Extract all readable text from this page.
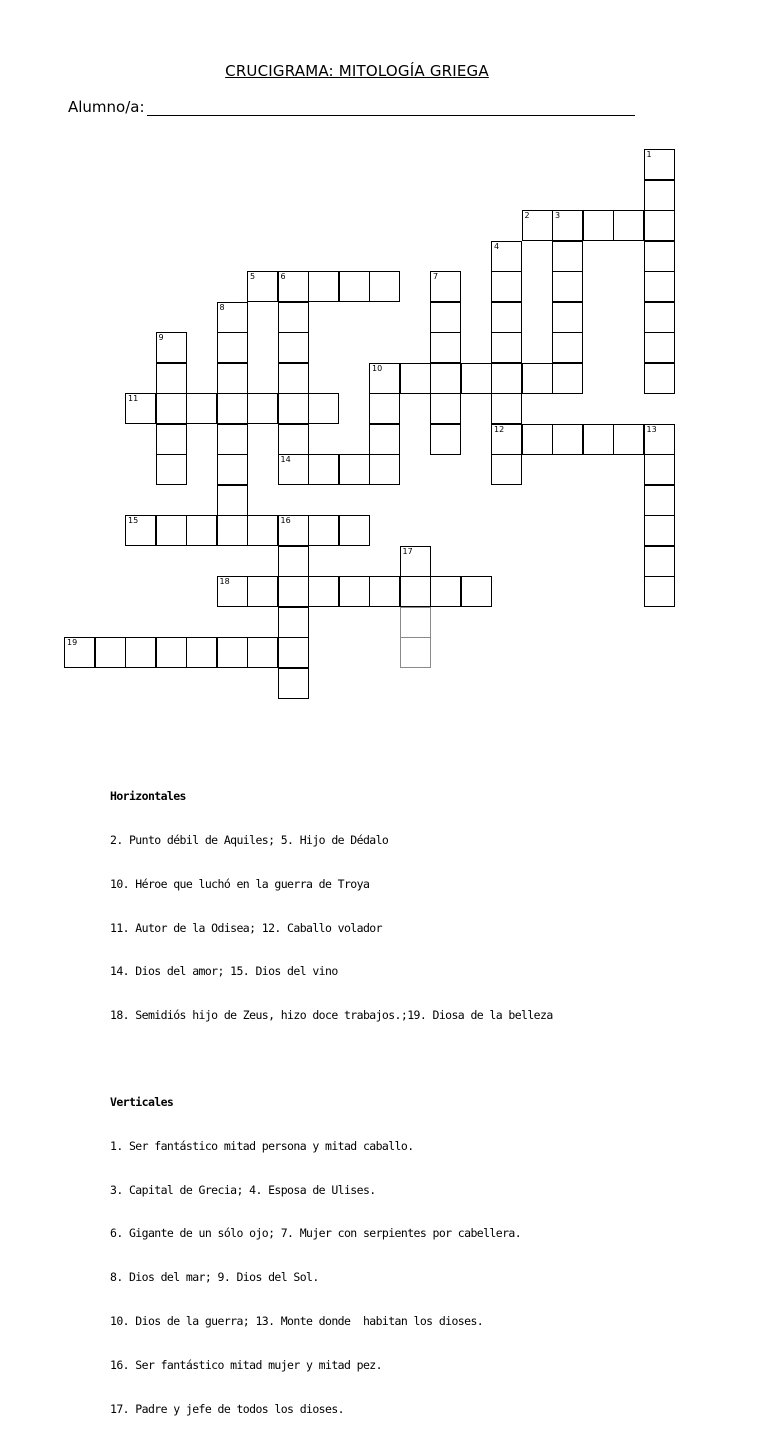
CRUCIGRAMA: MITOLOGÍA GRIEGA
Alumno/a:
1
2	3
4
12
5	6
14
7
8
9
10
11
13
15	16
17
18
19

Horizontales

2. Punto débil de Aquiles; 5. Hijo de Dédalo

10. Héroe que luchó en la guerra de Troya

11. Autor de la Odisea; 12. Caballo volador

14. Dios del amor; 15. Dios del vino

18. Semidiós hijo de Zeus, hizo doce trabajos.;19. Diosa de la belleza

Verticales

1. Ser fantástico mitad persona y mitad caballo.

3. Capital de Grecia; 4. Esposa de Ulises.

6. Gigante de un sólo ojo; 7. Mujer con serpientes por cabellera.

8. Dios del mar; 9. Dios del Sol.

10. Dios de la guerra; 13. Monte donde  habitan los dioses.

16. Ser fantástico mitad mujer y mitad pez.

17. Padre y jefe de todos los dioses.
